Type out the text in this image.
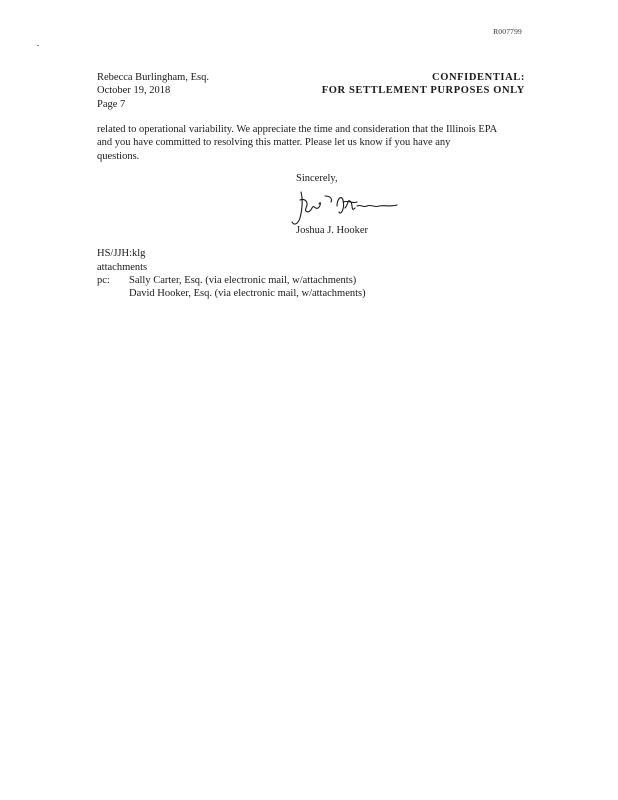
R007799
Rebecca Burlingham, Esq.
October 19, 2018
Page 7
CONFIDENTIAL:
FOR SETTLEMENT PURPOSES ONLY
related to operational variability. We appreciate the time and consideration that the Illinois EPA
and you have committed to resolving this matter. Please let us know if you have any
questions.
Sincerely,
Joshua J. Hooker
HS/JJH:klg
attachments
pc: Sally Carter, Esq. (via electronic mail, w/attachments)
David Hooker, Esq. (via electronic mail, w/attachments)
